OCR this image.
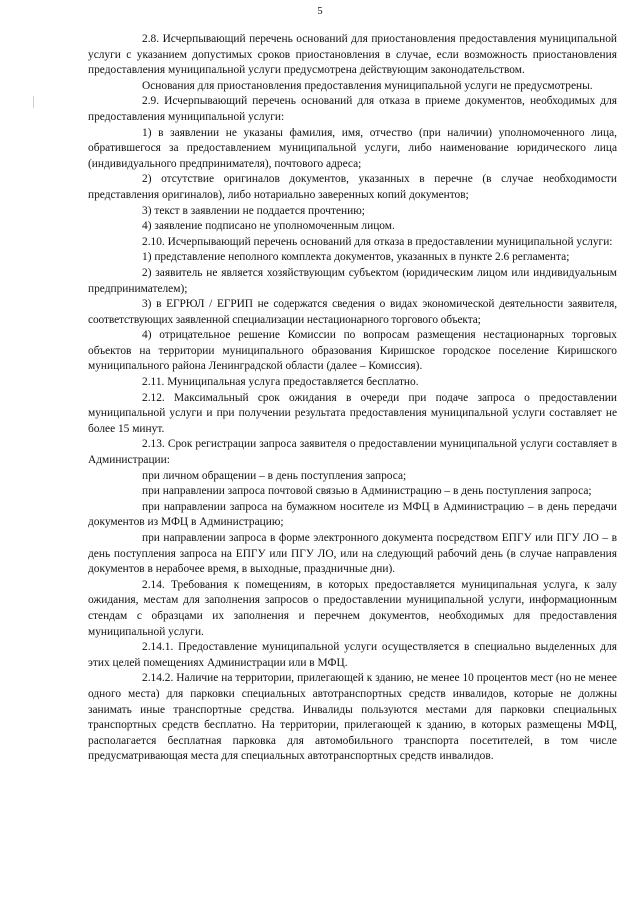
5

2.8. Исчерпывающий перечень оснований для приостановления предоставления муниципальной услуги с указанием допустимых сроков приостановления в случае, если возможность приостановления предоставления муниципальной услуги предусмотрена действующим законодательством.

Основания для приостановления предоставления муниципальной услуги не предусмотрены.

2.9. Исчерпывающий перечень оснований для отказа в приеме документов, необходимых для предоставления муниципальной услуги:

1) в заявлении не указаны фамилия, имя, отчество (при наличии) уполномоченного лица, обратившегося за предоставлением муниципальной услуги, либо наименование юридического лица (индивидуального предпринимателя), почтового адреса;

2) отсутствие оригиналов документов, указанных в перечне (в случае необходимости представления оригиналов), либо нотариально заверенных копий документов;

3) текст в заявлении не поддается прочтению;

4) заявление подписано не уполномоченным лицом.

2.10. Исчерпывающий перечень оснований для отказа в предоставлении муниципальной услуги:

1) представление неполного комплекта документов, указанных в пункте 2.6 регламента;

2) заявитель не является хозяйствующим субъектом (юридическим лицом или индивидуальным предпринимателем);

3) в ЕГРЮЛ / ЕГРИП не содержатся сведения о видах экономической деятельности заявителя, соответствующих заявленной специализации нестационарного торгового объекта;

4) отрицательное решение Комиссии по вопросам размещения нестационарных торговых объектов на территории муниципального образования Киришское городское поселение Киришского муниципального района Ленинградской области (далее – Комиссия).

2.11. Муниципальная услуга предоставляется бесплатно.

2.12. Максимальный срок ожидания в очереди при подаче запроса о предоставлении муниципальной услуги и при получении результата предоставления муниципальной услуги составляет не более 15 минут.

2.13. Срок регистрации запроса заявителя о предоставлении муниципальной услуги составляет в Администрации:

при личном обращении – в день поступления запроса;

при направлении запроса почтовой связью в Администрацию – в день поступления запроса;

при направлении запроса на бумажном носителе из МФЦ в Администрацию – в день передачи документов из МФЦ в Администрацию;

при направлении запроса в форме электронного документа посредством ЕПГУ или ПГУ ЛО – в день поступления запроса на ЕПГУ или ПГУ ЛО, или на следующий рабочий день (в случае направления документов в нерабочее время, в выходные, праздничные дни).

2.14. Требования к помещениям, в которых предоставляется муниципальная услуга, к залу ожидания, местам для заполнения запросов о предоставлении муниципальной услуги, информационным стендам с образцами их заполнения и перечнем документов, необходимых для предоставления муниципальной услуги.

2.14.1. Предоставление муниципальной услуги осуществляется в специально выделенных для этих целей помещениях Администрации или в МФЦ.

2.14.2. Наличие на территории, прилегающей к зданию, не менее 10 процентов мест (но не менее одного места) для парковки специальных автотранспортных средств инвалидов, которые не должны занимать иные транспортные средства. Инвалиды пользуются местами для парковки специальных транспортных средств бесплатно. На территории, прилегающей к зданию, в которых размещены МФЦ, располагается бесплатная парковка для автомобильного транспорта посетителей, в том числе предусматривающая места для специальных автотранспортных средств инвалидов.
